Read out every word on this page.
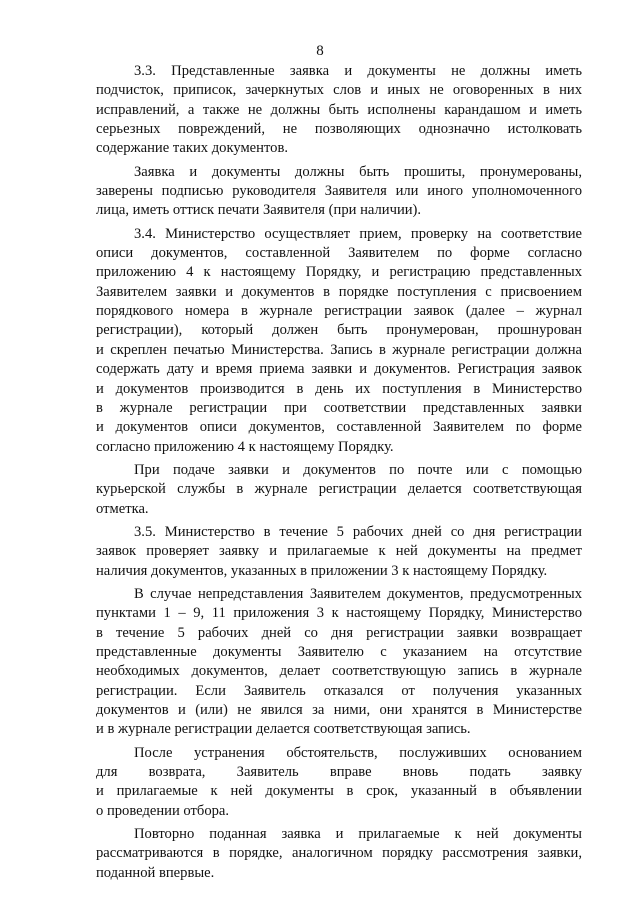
8
3.3. Представленные заявка и документы не должны иметь
подчисток, приписок, зачеркнутых слов и иных не оговоренных в них
исправлений, а также не должны быть исполнены карандашом и иметь
серьезных повреждений, не позволяющих однозначно истолковать
содержание таких документов.
Заявка и документы должны быть прошиты, пронумерованы,
заверены подписью руководителя Заявителя или иного уполномоченного
лица, иметь оттиск печати Заявителя (при наличии).
3.4. Министерство осуществляет прием, проверку на соответствие
описи документов, составленной Заявителем по форме согласно
приложению 4 к настоящему Порядку, и регистрацию представленных
Заявителем заявки и документов в порядке поступления с присвоением
порядкового номера в журнале регистрации заявок (далее – журнал
регистрации), который должен быть пронумерован, прошнурован
и скреплен печатью Министерства. Запись в журнале регистрации должна
содержать дату и время приема заявки и документов. Регистрация заявок
и документов производится в день их поступления в Министерство
в журнале регистрации при соответствии представленных заявки
и документов описи документов, составленной Заявителем по форме
согласно приложению 4 к настоящему Порядку.
При подаче заявки и документов по почте или с помощью
курьерской службы в журнале регистрации делается соответствующая
отметка.
3.5. Министерство в течение 5 рабочих дней со дня регистрации
заявок проверяет заявку и прилагаемые к ней документы на предмет
наличия документов, указанных в приложении 3 к настоящему Порядку.
В случае непредставления Заявителем документов, предусмотренных
пунктами 1 – 9, 11 приложения 3 к настоящему Порядку, Министерство
в течение 5 рабочих дней со дня регистрации заявки возвращает
представленные документы Заявителю с указанием на отсутствие
необходимых документов, делает соответствующую запись в журнале
регистрации. Если Заявитель отказался от получения указанных
документов и (или) не явился за ними, они хранятся в Министерстве
и в журнале регистрации делается соответствующая запись.
После устранения обстоятельств, послуживших основанием
для возврата, Заявитель вправе вновь подать заявку
и прилагаемые к ней документы в срок, указанный в объявлении
о проведении отбора.
Повторно поданная заявка и прилагаемые к ней документы
рассматриваются в порядке, аналогичном порядку рассмотрения заявки,
поданной впервые.
